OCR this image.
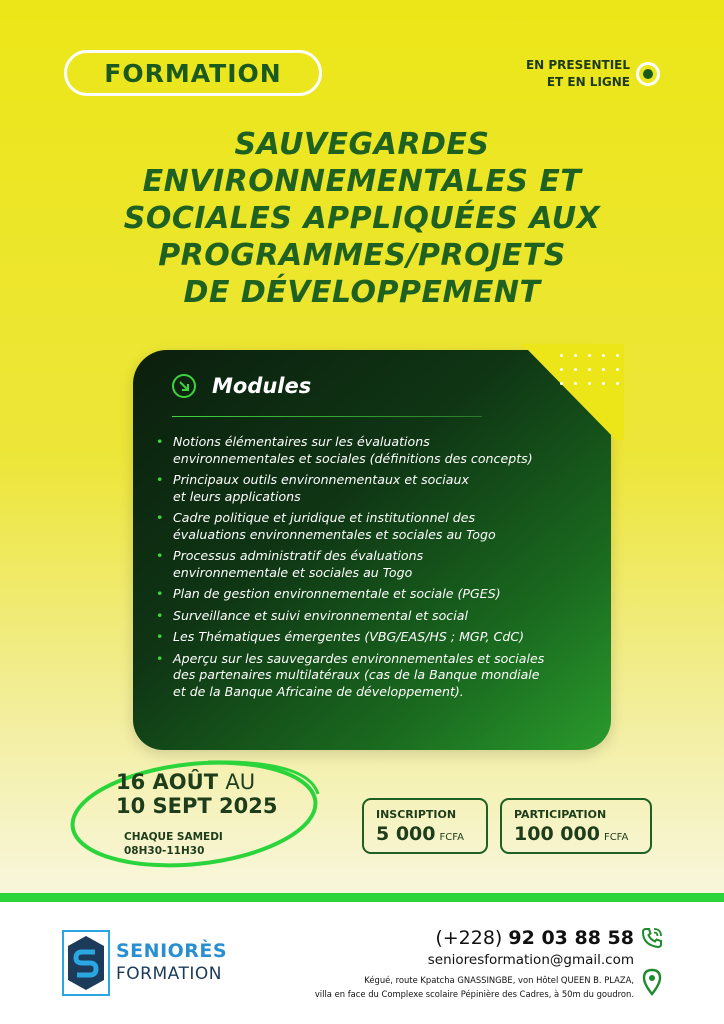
FORMATION	EN PRESENTIEL
ET EN LIGNE
SAUVEGARDES
ENVIRONNEMENTALES ET
SOCIALES APPLIQUÉES AUX
PROGRAMMES/PROJETS
DE DÉVELOPPEMENT
Modules
• Notions élémentaires sur les évaluations
environnementales et sociales (définitions des concepts)
• Principaux outils environnementaux et sociaux
et leurs applications
• Cadre politique et juridique et institutionnel des
évaluations environnementales et sociales au Togo
• Processus administratif des évaluations
environnementale et sociales au Togo
• Plan de gestion environnementale et sociale (PGES)
• Surveillance et suivi environnemental et social
• Les Thématiques émergentes (VBG/EAS/HS ; MGP, CdC)
• Aperçu sur les sauvegardes environnementales et sociales
des partenaires multilatéraux (cas de la Banque mondiale
et de la Banque Africaine de développement).
16 AOÛT AU
10 SEPT 2025
CHAQUE SAMEDI
08H30-11H30
INSCRIPTION
5 000 FCFA
PARTICIPATION
100 000 FCFA
SENIORÈS
FORMATION
(+228) 92 03 88 58
senioresformation@gmail.com
Kégué, route Kpatcha GNASSINGBE, von Hôtel QUEEN B. PLAZA,
villa en face du Complexe scolaire Pépinière des Cadres, à 50m du goudron.
